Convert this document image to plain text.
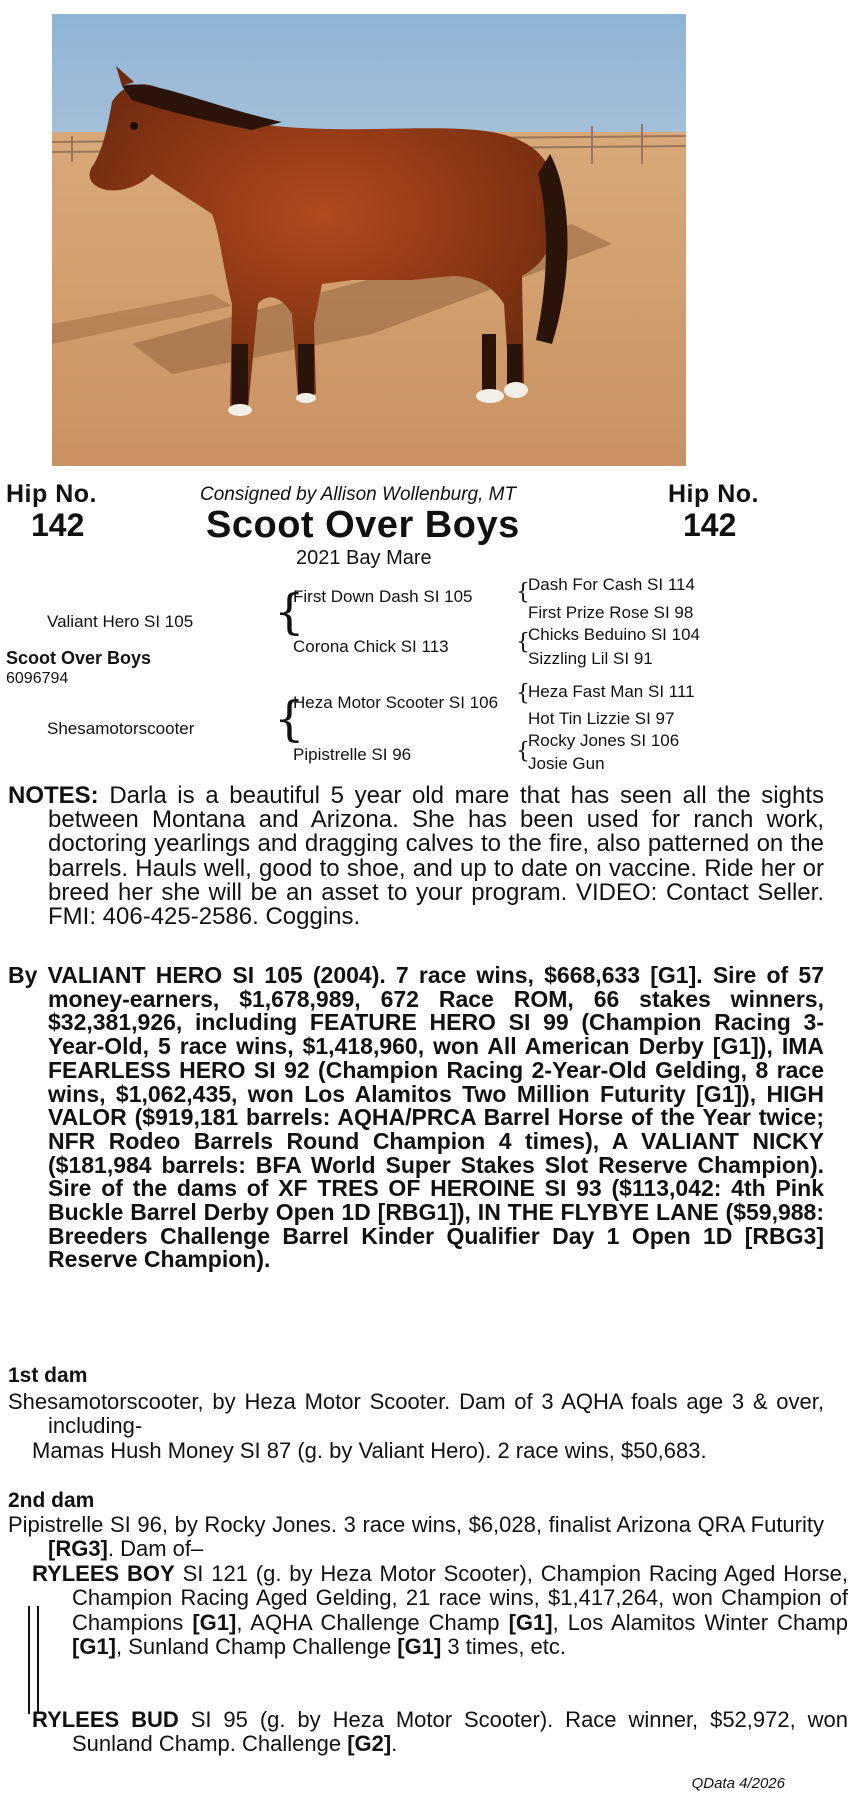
Hip No.
142
Hip No.
142
Consigned by Allison Wollenburg, MT
Scoot Over Boys
2021 Bay Mare
Valiant Hero SI 105
Scoot Over Boys
6096794
Shesamotorscooter
{
First Down Dash SI 105
Corona Chick SI 113
{
Heza Motor Scooter SI 106
Pipistrelle SI 96
{
Dash For Cash SI 114
First Prize Rose SI 98
{
Chicks Beduino SI 104
Sizzling Lil SI 91
{
Heza Fast Man SI 111
Hot Tin Lizzie SI 97
{
Rocky Jones SI 106
Josie Gun
NOTES: Darla is a beautiful 5 year old mare that has seen all the sights between Montana and Arizona. She has been used for ranch work, doctoring yearlings and dragging calves to the fire, also patterned on the barrels. Hauls well, good to shoe, and up to date on vaccine. Ride her or breed her she will be an asset to your program. VIDEO: Contact Seller. FMI: 406-425-2586. Coggins.
By VALIANT HERO SI 105 (2004). 7 race wins, $668,633 [G1]. Sire of 57 money-earners, $1,678,989, 672 Race ROM, 66 stakes winners, $32,381,926, including FEATURE HERO SI 99 (Champion Racing 3-Year-Old, 5 race wins, $1,418,960, won All American Derby [G1]), IMA FEARLESS HERO SI 92 (Champion Racing 2-Year-Old Gelding, 8 race wins, $1,062,435, won Los Alamitos Two Million Futurity [G1]), HIGH VALOR ($919,181 barrels: AQHA/PRCA Barrel Horse of the Year twice; NFR Rodeo Barrels Round Champion 4 times), A VALIANT NICKY ($181,984 barrels: BFA World Super Stakes Slot Reserve Champion). Sire of the dams of XF TRES OF HEROINE SI 93 ($113,042: 4th Pink Buckle Barrel Derby Open 1D [RBG1]), IN THE FLYBYE LANE ($59,988: Breeders Challenge Barrel Kinder Qualifier Day 1 Open 1D [RBG3] Reserve Champion).
1st dam
Shesamotorscooter, by Heza Motor Scooter. Dam of 3 AQHA foals age 3 & over, including-
Mamas Hush Money SI 87 (g. by Valiant Hero). 2 race wins, $50,683.
2nd dam
Pipistrelle SI 96, by Rocky Jones. 3 race wins, $6,028, finalist Arizona QRA Futurity [RG3]. Dam of–
RYLEES BOY SI 121 (g. by Heza Motor Scooter), Champion Racing Aged Horse, Champion Racing Aged Gelding, 21 race wins, $1,417,264, won Champion of Champions [G1], AQHA Challenge Champ [G1], Los Alamitos Winter Champ [G1], Sunland Champ Challenge [G1] 3 times, etc.
RYLEES BUD SI 95 (g. by Heza Motor Scooter). Race winner, $52,972, won Sunland Champ. Challenge [G2].
QData 4/2026
